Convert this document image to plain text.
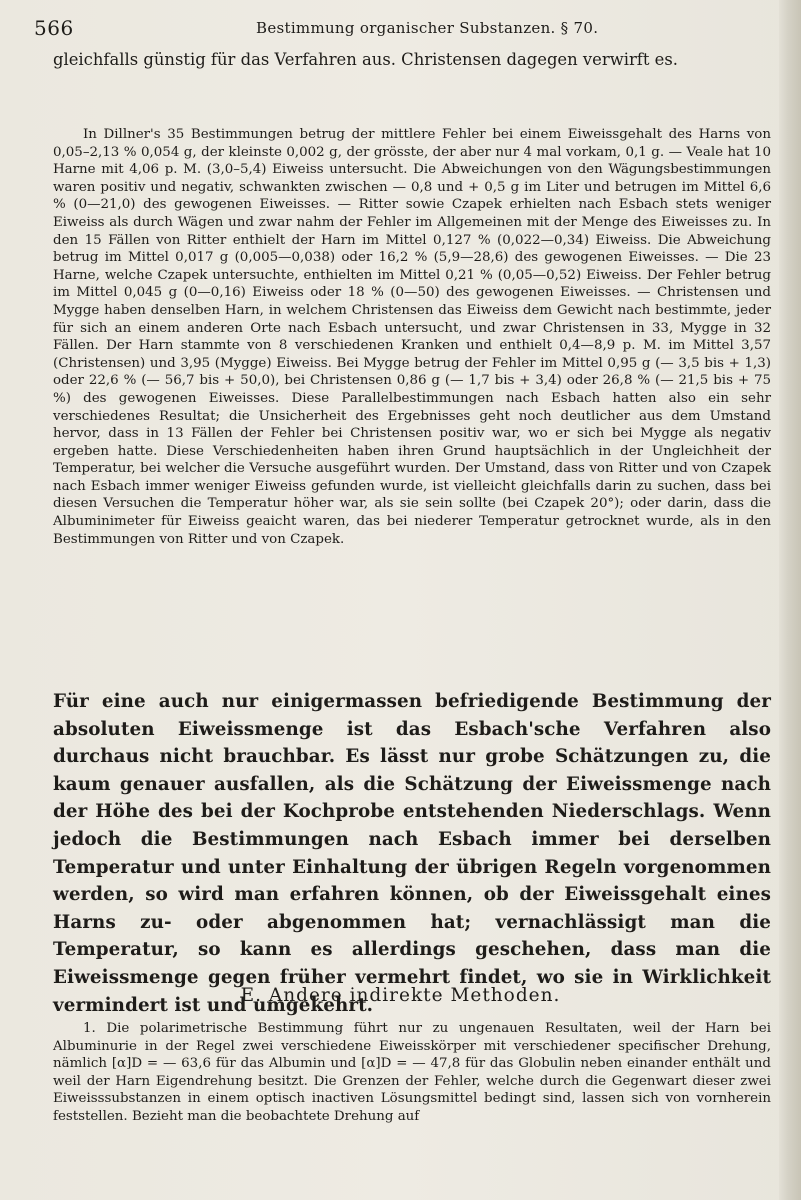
566	Bestimmung organischer Substanzen. § 70.

gleichfalls günstig für das Verfahren aus. Christensen dagegen verwirft es.

In Dillner's 35 Bestimmungen betrug der mittlere Fehler bei einem Eiweissgehalt des Harns von 0,05–2,13 % 0,054 g, der kleinste 0,002 g, der grösste, der aber nur 4 mal vorkam, 0,1 g. — Veale hat 10 Harne mit 4,06 p. M. (3,0–5,4) Eiweiss untersucht. Die Abweichungen von den Wägungsbestimmungen waren positiv und negativ, schwankten zwischen — 0,8 und + 0,5 g im Liter und betrugen im Mittel 6,6 % (0—21,0) des gewogenen Eiweisses. — Ritter sowie Czapek erhielten nach Esbach stets weniger Eiweiss als durch Wägen und zwar nahm der Fehler im Allgemeinen mit der Menge des Eiweisses zu. In den 15 Fällen von Ritter enthielt der Harn im Mittel 0,127 % (0,022—0,34) Eiweiss. Die Abweichung betrug im Mittel 0,017 g (0,005—0,038) oder 16,2 % (5,9—28,6) des gewogenen Eiweisses. — Die 23 Harne, welche Czapek untersuchte, enthielten im Mittel 0,21 % (0,05—0,52) Eiweiss. Der Fehler betrug im Mittel 0,045 g (0—0,16) Eiweiss oder 18 % (0—50) des gewogenen Eiweisses. — Christensen und Mygge haben denselben Harn, in welchem Christensen das Eiweiss dem Gewicht nach bestimmte, jeder für sich an einem anderen Orte nach Esbach untersucht, und zwar Christensen in 33, Mygge in 32 Fällen. Der Harn stammte von 8 verschiedenen Kranken und enthielt 0,4—8,9 p. M. im Mittel 3,57 (Christensen) und 3,95 (Mygge) Eiweiss. Bei Mygge betrug der Fehler im Mittel 0,95 g (— 3,5 bis + 1,3) oder 22,6 % (— 56,7 bis + 50,0), bei Christensen 0,86 g (— 1,7 bis + 3,4) oder 26,8 % (— 21,5 bis + 75 %) des gewogenen Eiweisses. Diese Parallelbestimmungen nach Esbach hatten also ein sehr verschiedenes Resultat; die Unsicherheit des Ergebnisses geht noch deutlicher aus dem Umstand hervor, dass in 13 Fällen der Fehler bei Christensen positiv war, wo er sich bei Mygge als negativ ergeben hatte. Diese Verschiedenheiten haben ihren Grund hauptsächlich in der Ungleichheit der Temperatur, bei welcher die Versuche ausgeführt wurden. Der Umstand, dass von Ritter und von Czapek nach Esbach immer weniger Eiweiss gefunden wurde, ist vielleicht gleichfalls darin zu suchen, dass bei diesen Versuchen die Temperatur höher war, als sie sein sollte (bei Czapek 20°); oder darin, dass die Albuminimeter für Eiweiss geaicht waren, das bei niederer Temperatur getrocknet wurde, als in den Bestimmungen von Ritter und von Czapek.

Für eine auch nur einigermassen befriedigende Bestimmung der absoluten Eiweissmenge ist das Esbach'sche Verfahren also durchaus nicht brauchbar. Es lässt nur grobe Schätzungen zu, die kaum genauer ausfallen, als die Schätzung der Eiweissmenge nach der Höhe des bei der Kochprobe entstehenden Niederschlags. Wenn jedoch die Bestimmungen nach Esbach immer bei derselben Temperatur und unter Einhaltung der übrigen Regeln vorgenommen werden, so wird man erfahren können, ob der Eiweissgehalt eines Harns zu- oder abgenommen hat; vernachlässigt man die Temperatur, so kann es allerdings geschehen, dass man die Eiweissmenge gegen früher vermehrt findet, wo sie in Wirklichkeit vermindert ist und umgekehrt.

E. Andere indirekte Methoden.

1. Die polarimetrische Bestimmung führt nur zu ungenauen Resultaten, weil der Harn bei Albuminurie in der Regel zwei verschiedene Eiweisskörper mit verschiedener specifischer Drehung, nämlich [α]D = — 63,6 für das Albumin und [α]D = — 47,8 für das Globulin neben einander enthält und weil der Harn Eigendrehung besitzt. Die Grenzen der Fehler, welche durch die Gegenwart dieser zwei Eiweisssubstanzen in einem optisch inactiven Lösungsmittel bedingt sind, lassen sich von vornherein feststellen. Bezieht man die beobachtete Drehung auf
